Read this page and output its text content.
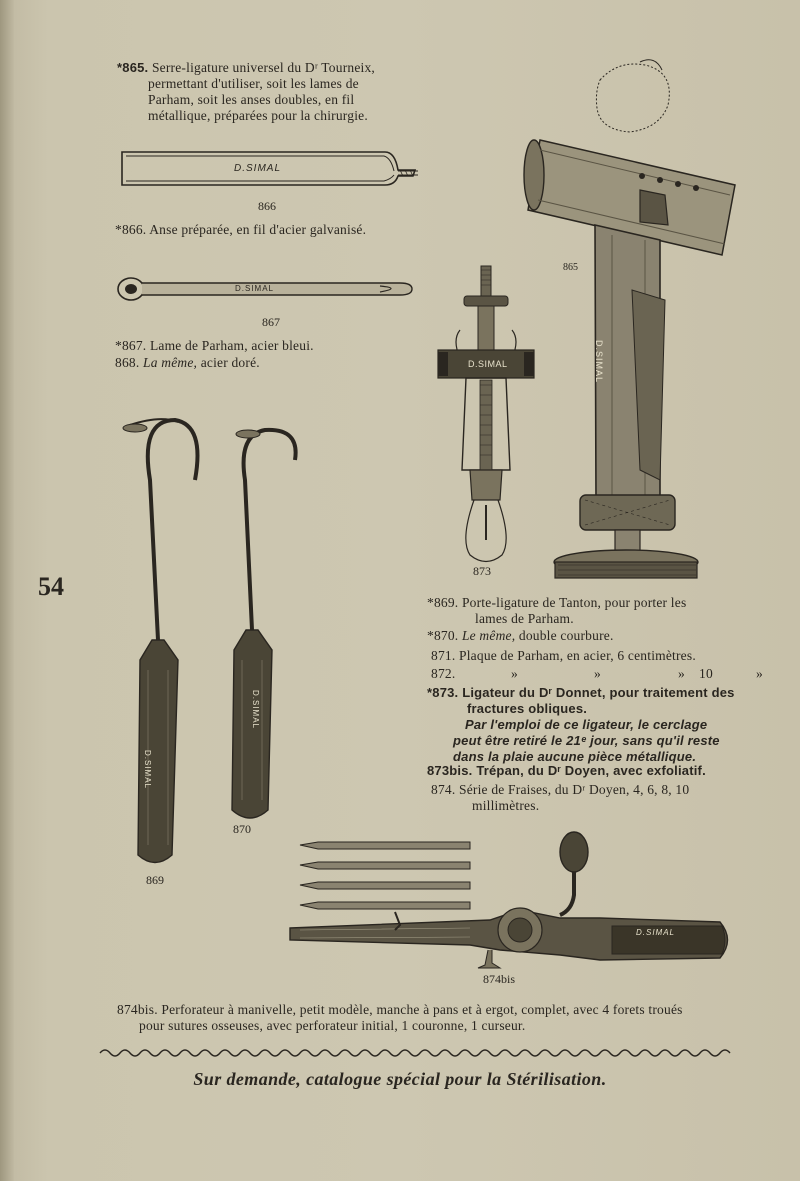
*865. Serre-ligature universel du Dʳ Tourneix,
permettant d'utiliser, soit les lames de
Parham, soit les anses doubles, en fil
métallique, préparées pour la chirurgie.
D.SIMAL
866
*866. Anse préparée, en fil d'acier galvanisé.
D.SIMAL
867
*867. Lame de Parham, acier bleui.
868. La même, acier doré.	D.SIMAL
865
D.SIMAL
873
D.SIMAL
D.SIMAL
870
869
54
*869. Porte-ligature de Tanton, pour porter les
lames de Parham.
*870. Le même, double courbure.
871. Plaque de Parham, en acier, 6 centimètres.
872.	»	»	» 10	»
*873. Ligateur du Dʳ Donnet, pour traitement des
fractures obliques.
Par l'emploi de ce ligateur, le cerclage
peut être retiré le 21ᵉ jour, sans qu'il reste
dans la plaie aucune pièce métallique.
873bis. Trépan, du Dʳ Doyen, avec exfoliatif.
874. Série de Fraises, du Dʳ Doyen, 4, 6, 8, 10
millimètres.
D.SIMAL
874bis
874bis. Perforateur à manivelle, petit modèle, manche à pans et à ergot, complet, avec 4 forets troués
pour sutures osseuses, avec perforateur initial, 1 couronne, 1 curseur.
Sur demande, catalogue spécial pour la Stérilisation.
